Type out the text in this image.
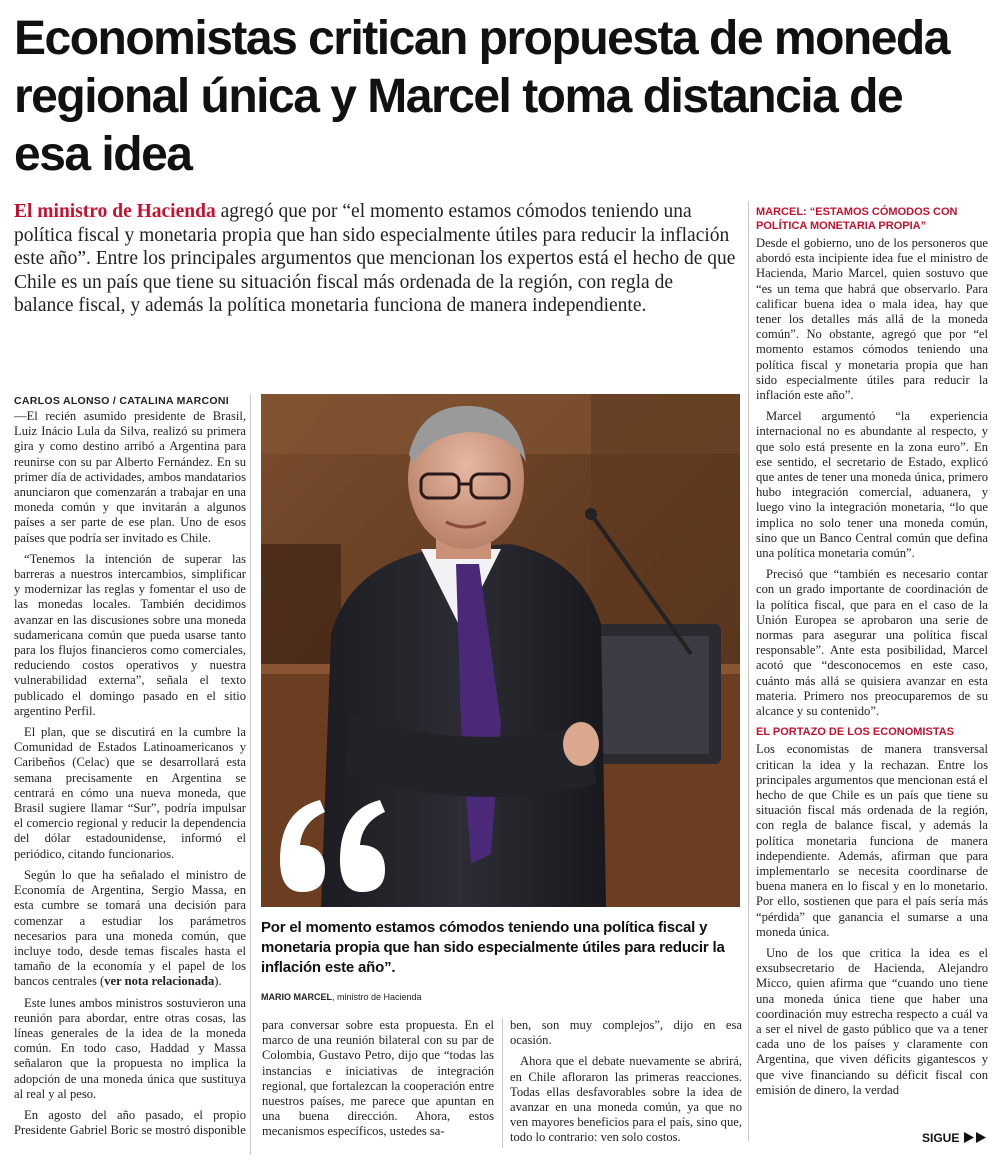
Economistas critican propuesta de moneda regional única y Marcel toma distancia de esa idea

El ministro de Hacienda agregó que por “el momento estamos cómodos teniendo una política fiscal y monetaria propia que han sido especialmente útiles para reducir la inflación este año”. Entre los principales argumentos que mencionan los expertos está el hecho de que Chile es un país que tiene su situación fiscal más ordenada de la región, con regla de balance fiscal, y además la política monetaria funciona de manera independiente.

CARLOS ALONSO / CATALINA MARCONI

—El recién asumido presidente de Brasil, Luiz Inácio Lula da Silva, realizó su primera gira y como destino arribó a Argentina para reunirse con su par Alberto Fernández. En su primer día de actividades, ambos mandatarios anunciaron que comenzarán a trabajar en una moneda común y que invitarán a algunos países a ser parte de ese plan. Uno de esos países que podría ser invitado es Chile.

“Tenemos la intención de superar las barreras a nuestros intercambios, simplificar y modernizar las reglas y fomentar el uso de las monedas locales. También decidimos avanzar en las discusiones sobre una moneda sudamericana común que pueda usarse tanto para los flujos financieros como comerciales, reduciendo costos operativos y nuestra vulnerabilidad externa”, señala el texto publicado el domingo pasado en el sitio argentino Perfil.

El plan, que se discutirá en la cumbre la Comunidad de Estados Latinoamericanos y Caribeños (Celac) que se desarrollará esta semana precisamente en Argentina se centrará en cómo una nueva moneda, que Brasil sugiere llamar “Sur”, podría impulsar el comercio regional y reducir la dependencia del dólar estadounidense, informó el periódico, citando funcionarios.

Según lo que ha señalado el ministro de Economía de Argentina, Sergio Massa, en esta cumbre se tomará una decisión para comenzar a estudiar los parámetros necesarios para una moneda común, que incluye todo, desde temas fiscales hasta el tamaño de la economía y el papel de los bancos centrales (ver nota relacionada).

Este lunes ambos ministros sostuvieron una reunión para abordar, entre otras cosas, las líneas generales de la idea de la moneda común. En todo caso, Haddad y Massa señalaron que la propuesta no implica la adopción de una moneda única que sustituya al real y al peso.

En agosto del año pasado, el propio Presidente Gabriel Boric se mostró disponible

Por el momento estamos cómodos teniendo una política fiscal y monetaria propia que han sido especialmente útiles para reducir la inflación este año”.

MARIO MARCEL, ministro de Hacienda

para conversar sobre esta propuesta. En el marco de una reunión bilateral con su par de Colombia, Gustavo Petro, dijo que “todas las instancias e iniciativas de integración regional, que fortalezcan la cooperación entre nuestros países, me parece que apuntan en una buena dirección. Ahora, estos mecanismos específicos, ustedes sa-

ben, son muy complejos”, dijo en esa ocasión.

Ahora que el debate nuevamente se abrirá, en Chile afloraron las primeras reacciones. Todas ellas desfavorables sobre la idea de avanzar en una moneda común, ya que no ven mayores beneficios para el país, sino que, todo lo contrario: ven solo costos.

MARCEL: “ESTAMOS CÓMODOS CON POLÍTICA MONETARIA PROPIA”

Desde el gobierno, uno de los personeros que abordó esta incipiente idea fue el ministro de Hacienda, Mario Marcel, quien sostuvo que “es un tema que habrá que observarlo. Para calificar buena idea o mala idea, hay que tener los detalles más allá de la moneda común”. No obstante, agregó que por “el momento estamos cómodos teniendo una política fiscal y monetaria propia que han sido especialmente útiles para reducir la inflación este año”.

Marcel argumentó “la experiencia internacional no es abundante al respecto, y que solo está presente en la zona euro”. En ese sentido, el secretario de Estado, explicó que antes de tener una moneda única, primero hubo integración comercial, aduanera, y luego vino la integración monetaria, “lo que implica no solo tener una moneda común, sino que un Banco Central común que defina una política monetaria común”.

Precisó que “también es necesario contar con un grado importante de coordinación de la política fiscal, que para en el caso de la Unión Europea se aprobaron una serie de normas para asegurar una política fiscal responsable”. Ante esta posibilidad, Marcel acotó que “desconocemos en este caso, cuánto más allá se quisiera avanzar en esta materia. Primero nos preocuparemos de su alcance y su contenido”.

EL PORTAZO DE LOS ECONOMISTAS

Los economistas de manera transversal critican la idea y la rechazan. Entre los principales argumentos que mencionan está el hecho de que Chile es un país que tiene su situación fiscal más ordenada de la región, con regla de balance fiscal, y además la política monetaria funciona de manera independiente. Además, afirman que para implementarlo se necesita coordinarse de buena manera en lo fiscal y en lo monetario. Por ello, sostienen que para el país sería más “pérdida” que ganancia el sumarse a una moneda única.

Uno de los que critica la idea es el exsubsecretario de Hacienda, Alejandro Micco, quien afirma que “cuando uno tiene una moneda única tiene que haber una coordinación muy estrecha respecto a cuál va a ser el nivel de gasto público que va a tener cada uno de los países y claramente con Argentina, que viven déficits gigantescos y que vive financiando su déficit fiscal con emisión de dinero, la verdad

SIGUE
